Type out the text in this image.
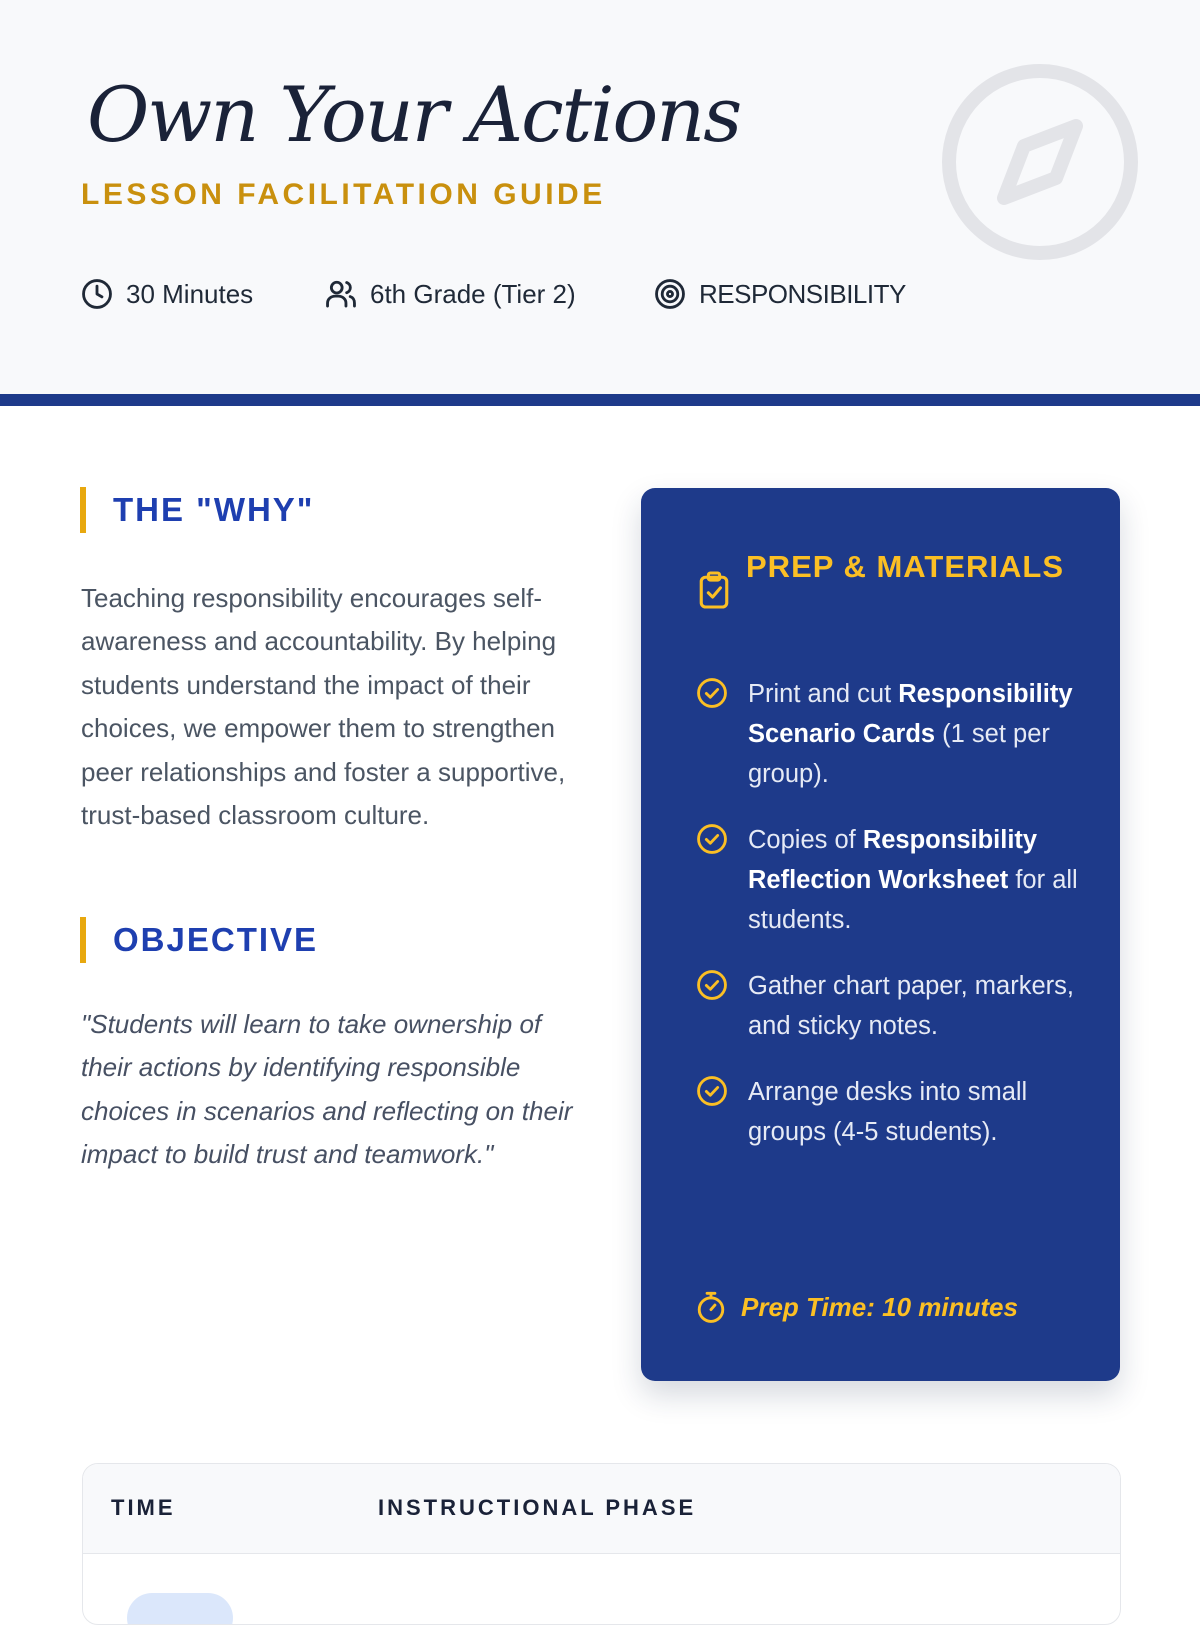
Own Your Actions
LESSON FACILITATION GUIDE
30 Minutes	6th Grade (Tier 2)	RESPONSIBILITY
THE "WHY"

Teaching responsibility encourages self-awareness and accountability. By helping students understand the impact of their choices, we empower them to strengthen peer relationships and foster a supportive, trust-based classroom culture.

OBJECTIVE

"Students will learn to take ownership of their actions by identifying responsible choices in scenarios and reflecting on their impact to build trust and teamwork."

PREP & MATERIALS
Print and cut Responsibility Scenario Cards (1 set per group).
Copies of Responsibility Reflection Worksheet for all students.
Gather chart paper, markers, and sticky notes.
Arrange desks into small groups (4-5 students).
Prep Time: 10 minutes
TIME	INSTRUCTIONAL PHASE
